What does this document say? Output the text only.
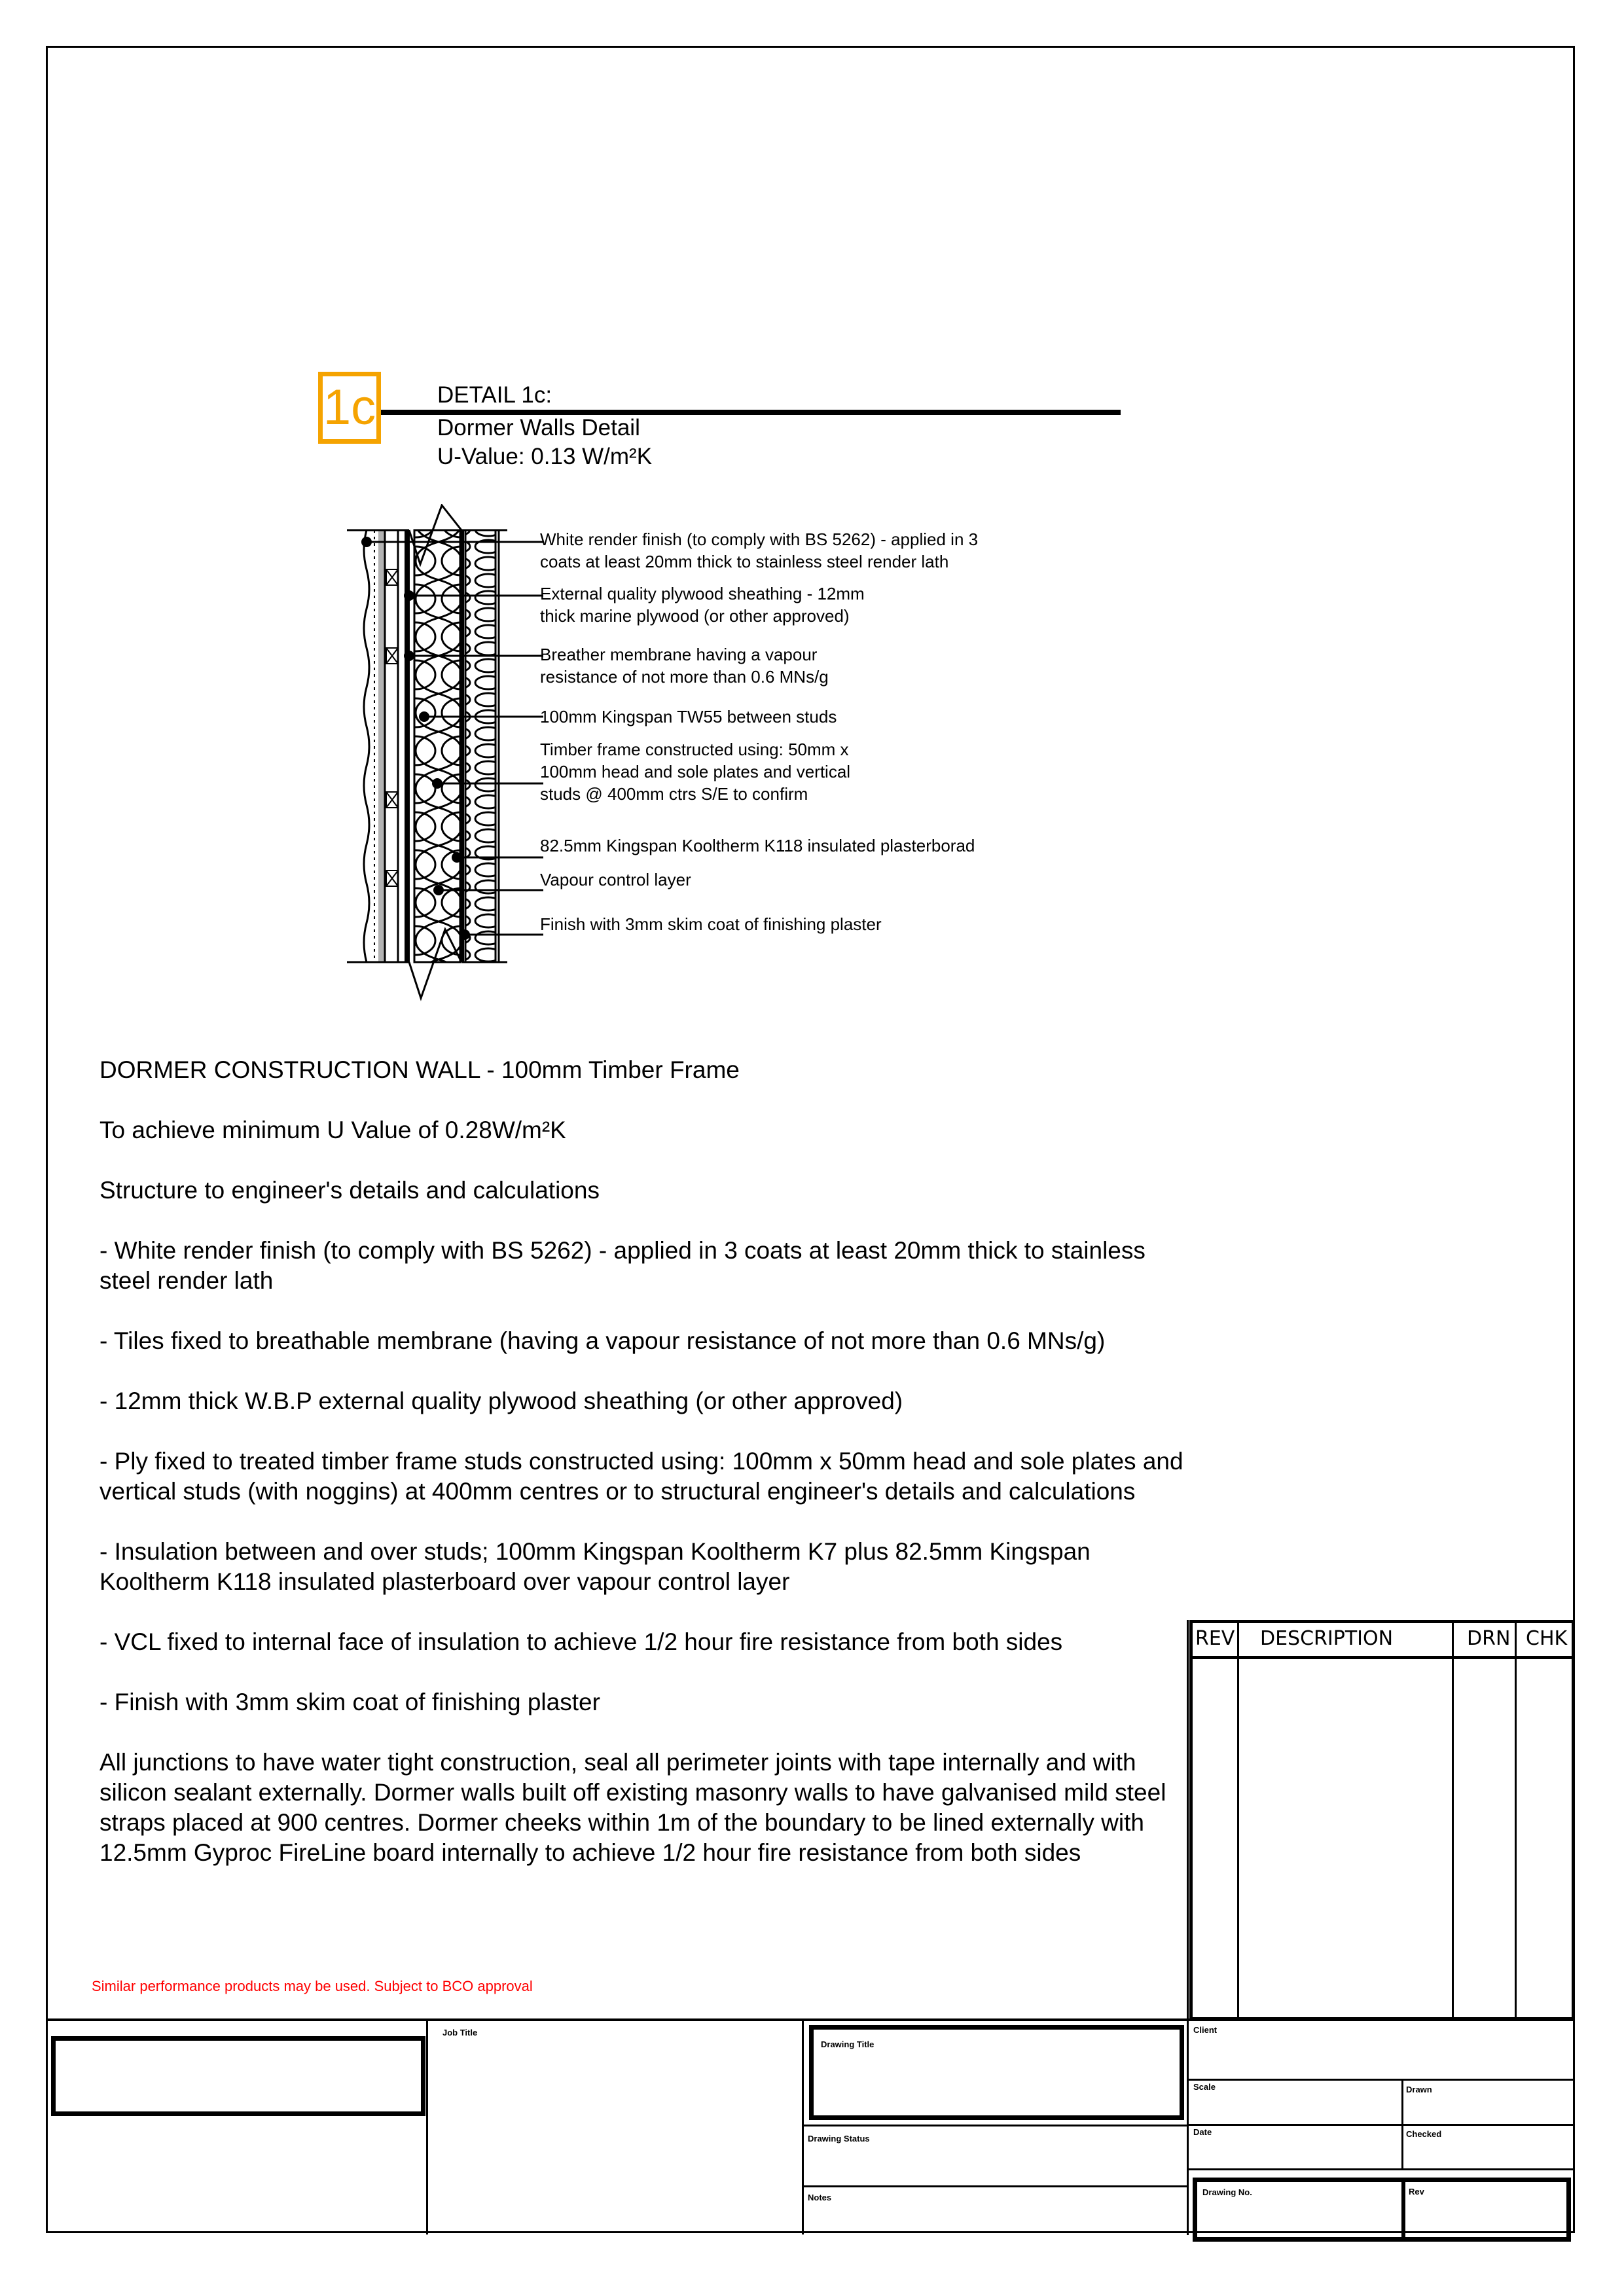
1c	DETAIL 1c:
Dormer Walls Detail
U-Value: 0.13 W/m²K
White render finish (to comply with BS 5262) - applied in 3
coats at least 20mm thick to stainless steel render lath
External quality plywood sheathing - 12mm
thick marine plywood (or other approved)
Breather membrane having a vapour
resistance of not more than 0.6 MNs/g
100mm Kingspan TW55 between studs
Timber frame constructed using: 50mm x
100mm head and sole plates and vertical
studs @ 400mm ctrs S/E to confirm
82.5mm Kingspan Kooltherm K118 insulated plasterborad
Vapour control layer
Finish with 3mm skim coat of finishing plaster

DORMER CONSTRUCTION WALL - 100mm Timber Frame

To achieve minimum U Value of 0.28W/m²K

Structure to engineer's details and calculations

- White render finish (to comply with BS 5262) - applied in 3 coats at least 20mm thick to stainless steel render lath

- Tiles fixed to breathable membrane (having a vapour resistance of not more than 0.6 MNs/g)

- 12mm thick W.B.P external quality plywood sheathing (or other approved)

- Ply fixed to treated timber frame studs constructed using: 100mm x 50mm head and sole plates and vertical studs (with noggins) at 400mm centres or to structural engineer's details and calculations

- Insulation between and over studs; 100mm Kingspan Kooltherm K7 plus 82.5mm Kingspan Kooltherm K118 insulated plasterboard over vapour control layer

- VCL fixed to internal face of insulation to achieve 1/2 hour fire resistance from both sides

- Finish with 3mm skim coat of finishing plaster

All junctions to have water tight construction, seal all perimeter joints with tape internally and with silicon sealant externally. Dormer walls built off existing masonry walls to have galvanised mild steel straps placed at 900 centres. Dormer cheeks within 1m of the boundary to be lined externally with 12.5mm Gyproc FireLine board internally to achieve 1/2 hour fire resistance from both sides

Similar performance products may be used. Subject to BCO approval
REV DESCRIPTION	DRN CHK
Job Title
Drawing Title
Drawing Status
Notes
Client
Scale	Drawn
Date	Checked
Drawing No.	Rev
